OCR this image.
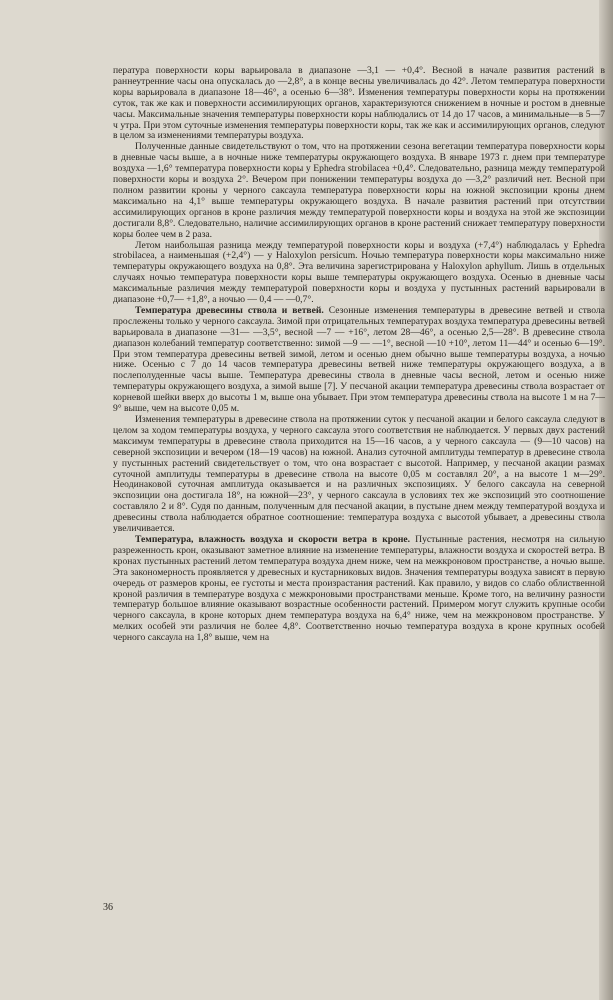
пература поверхности коры варьировала в диапазоне —3,1 — +0,4°. Весной в начале развития растений в раннеутренние часы она опускалась до —2,8°, а в конце весны увеличивалась до 42°. Летом температура поверхности коры варьировала в диапазоне 18—46°, а осенью 6—38°. Изменения температуры поверхности коры на протяжении суток, так же как и поверхности ассимилирующих органов, характеризуются снижением в ночные и ростом в дневные часы. Максимальные значения температуры поверхности коры наблюдались от 14 до 17 часов, а минимальные—в 5—7 ч утра. При этом суточные изменения температуры поверхности коры, так же как и ассимилирующих органов, следуют в целом за изменениями температуры воздуха.

Полученные данные свидетельствуют о том, что на протяжении сезона вегетации температура поверхности коры в дневные часы выше, а в ночные ниже температуры окружающего воздуха. В январе 1973 г. днем при температуре воздуха —1,6° температура поверхности коры у Ephedra strobilacea +0,4°. Следовательно, разница между температурой поверхности коры и воздуха 2°. Вечером при понижении температуры воздуха до —3,2° различий нет. Весной при полном развитии кроны у черного саксаула температура поверхности коры на южной экспозиции кроны днем максимально на 4,1° выше температуры окружающего воздуха. В начале развития растений при отсутствии ассимилирующих органов в кроне различия между температурой поверхности коры и воздуха на этой же экспозиции достигали 8,8°. Следовательно, наличие ассимилирующих органов в кроне растений снижает температуру поверхности коры более чем в 2 раза.

Летом наибольшая разница между температурой поверхности коры и воздуха (+7,4°) наблюдалась у Ephedra strobilacea, а наименьшая (+2,4°) — у Haloxylon persicum. Ночью температура поверхности коры максимально ниже температуры окружающего воздуха на 0,8°. Эта величина зарегистрирована у Haloxylon aphyllum. Лишь в отдельных случаях ночью температура поверхности коры выше температуры окружающего воздуха. Осенью в дневные часы максимальные различия между температурой поверхности коры и воздуха у пустынных растений варьировали в диапазоне +0,7— +1,8°, а ночью — 0,4 — —0,7°.

Температура древесины ствола и ветвей. Сезонные изменения температуры в древесине ветвей и ствола прослежены только у черного саксаула. Зимой при отрицательных температурах воздуха температура древесины ветвей варьировала в диапазоне —31— —3,5°, весной —7 — +16°, летом 28—46°, а осенью 2,5—28°. В древесине ствола диапазон колебаний температур соответственно: зимой —9 — —1°, весной —10 +10°, летом 11—44° и осенью 6—19°. При этом температура древесины ветвей зимой, летом и осенью днем обычно выше температуры воздуха, а ночью ниже. Осенью с 7 до 14 часов температура древесины ветвей ниже температуры окружающего воздуха, а в послеполуденные часы выше. Температура древесины ствола в дневные часы весной, летом и осенью ниже температуры окружающего воздуха, а зимой выше [7]. У песчаной акации температура древесины ствола возрастает от корневой шейки вверх до высоты 1 м, выше она убывает. При этом температура древесины ствола на высоте 1 м на 7—9° выше, чем на высоте 0,05 м.

Изменения температуры в древесине ствола на протяжении суток у песчаной акации и белого саксаула следуют в целом за ходом температуры воздуха, у черного саксаула этого соответствия не наблюдается. У первых двух растений максимум температуры в древесине ствола приходится на 15—16 часов, а у черного саксаула — (9—10 часов) на северной экспозиции и вечером (18—19 часов) на южной. Анализ суточной амплитуды температур в древесине ствола у пустынных растений свидетельствует о том, что она возрастает с высотой. Например, у песчаной акации размах суточной амплитуды температуры в древесине ствола на высоте 0,05 м составлял 20°, а на высоте 1 м—29°. Неодинаковой суточная амплитуда оказывается и на различных экспозициях. У белого саксаула на северной экспозиции она достигала 18°, на южной—23°, у черного саксаула в условиях тех же экспозиций это соотношение составляло 2 и 8°. Судя по данным, полученным для песчаной акации, в пустыне днем между температурой воздуха и древесины ствола наблюдается обратное соотношение: температура воздуха с высотой убывает, а древесины ствола увеличивается.

Температура, влажность воздуха и скорости ветра в кроне. Пустынные растения, несмотря на сильную разреженность крон, оказывают заметное влияние на изменение температуры, влажности воздуха и скоростей ветра. В кронах пустынных растений летом температура воздуха днем ниже, чем на межкроновом пространстве, а ночью выше. Эта закономерность проявляется у древесных и кустарниковых видов. Значения температуры воздуха зависят в первую очередь от размеров кроны, ее густоты и места произрастания растений. Как правило, у видов со слабо облиственной кроной различия в температуре воздуха с межкроновыми пространствами меньше. Кроме того, на величину разности температур большое влияние оказывают возрастные особенности растений. Примером могут служить крупные особи черного саксаула, в кроне которых днем температура воздуха на 6,4° ниже, чем на межкроновом пространстве. У мелких особей эти различия не более 4,8°. Соответственно ночью температура воздуха в кроне крупных особей черного саксаула на 1,8° выше, чем на

36
